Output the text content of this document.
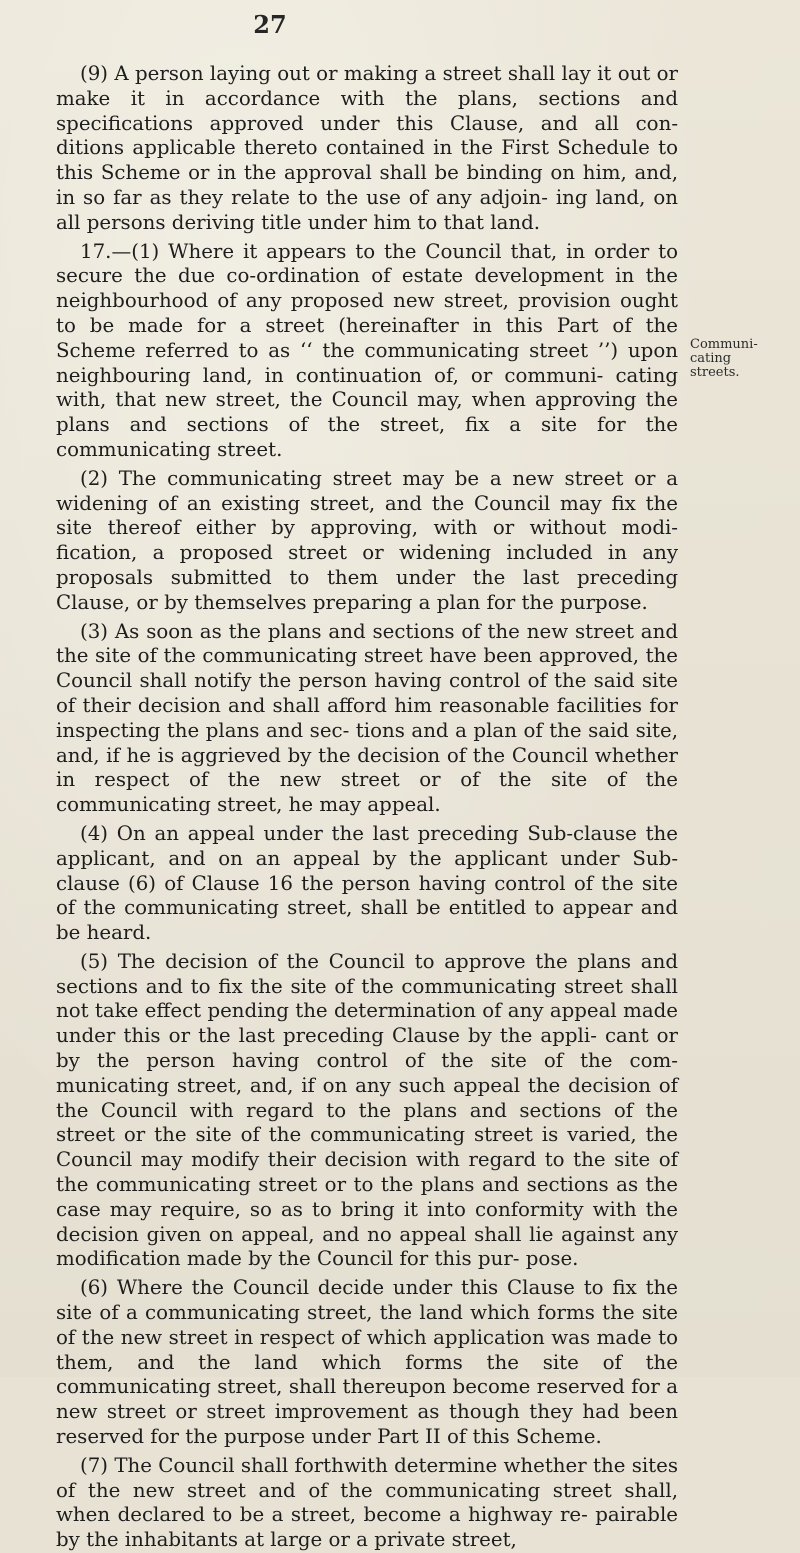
27

(9) A person laying out or making a street shall lay it out or make it in accordance with the plans, sections and specifications approved under this Clause, and all con- ditions applicable thereto contained in the First Schedule to this Scheme or in the approval shall be binding on him, and, in so far as they relate to the use of any adjoin- ing land, on all persons deriving title under him to that land.

17.—(1) Where it appears to the Council that, in order to secure the due co-ordination of estate development in the neighbourhood of any proposed new street, provision ought to be made for a street (hereinafter in this Part of the Scheme referred to as ‘‘ the communicating street ’’) upon neighbouring land, in continuation of, or communi- cating with, that new street, the Council may, when approving the plans and sections of the street, fix a site for the communicating street.

(2) The communicating street may be a new street or a widening of an existing street, and the Council may fix the site thereof either by approving, with or without modi- fication, a proposed street or widening included in any proposals submitted to them under the last preceding Clause, or by themselves preparing a plan for the purpose.

(3) As soon as the plans and sections of the new street and the site of the communicating street have been approved, the Council shall notify the person having control of the said site of their decision and shall afford him reasonable facilities for inspecting the plans and sec- tions and a plan of the said site, and, if he is aggrieved by the decision of the Council whether in respect of the new street or of the site of the communicating street, he may appeal.

(4) On an appeal under the last preceding Sub-clause the applicant, and on an appeal by the applicant under Sub-clause (6) of Clause 16 the person having control of the site of the communicating street, shall be entitled to appear and be heard.

(5) The decision of the Council to approve the plans and sections and to fix the site of the communicating street shall not take effect pending the determination of any appeal made under this or the last preceding Clause by the appli- cant or by the person having control of the site of the com- municating street, and, if on any such appeal the decision of the Council with regard to the plans and sections of the street or the site of the communicating street is varied, the Council may modify their decision with regard to the site of the communicating street or to the plans and sections as the case may require, so as to bring it into conformity with the decision given on appeal, and no appeal shall lie against any modification made by the Council for this pur- pose.

(6) Where the Council decide under this Clause to fix the site of a communicating street, the land which forms the site of the new street in respect of which application was made to them, and the land which forms the site of the communicating street, shall thereupon become reserved for a new street or street improvement as though they had been reserved for the purpose under Part II of this Scheme.

(7) The Council shall forthwith determine whether the sites of the new street and of the communicating street shall, when declared to be a street, become a highway re- pairable by the inhabitants at large or a private street,

Communi-
cating
streets.
